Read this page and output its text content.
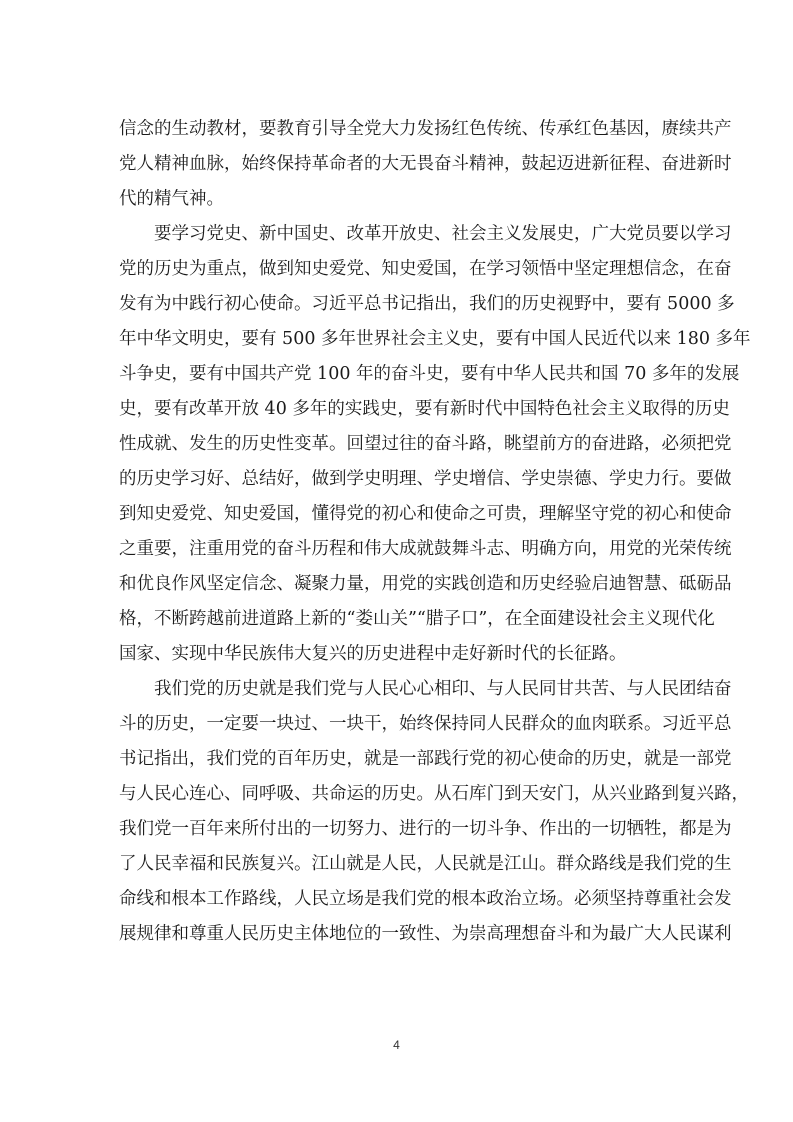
信念的生动教材，要教育引导全党大力发扬红色传统、传承红色基因，赓续共产
党人精神血脉，始终保持革命者的大无畏奋斗精神，鼓起迈进新征程、奋进新时
代的精气神。
要学习党史、新中国史、改革开放史、社会主义发展史，广大党员要以学习
党的历史为重点，做到知史爱党、知史爱国，在学习领悟中坚定理想信念，在奋
发有为中践行初心使命。习近平总书记指出，我们的历史视野中，要有 5000 多
年中华文明史，要有 500 多年世界社会主义史，要有中国人民近代以来 180 多年
斗争史，要有中国共产党 100 年的奋斗史，要有中华人民共和国 70 多年的发展
史，要有改革开放 40 多年的实践史，要有新时代中国特色社会主义取得的历史
性成就、发生的历史性变革。回望过往的奋斗路，眺望前方的奋进路，必须把党
的历史学习好、总结好，做到学史明理、学史增信、学史崇德、学史力行。要做
到知史爱党、知史爱国，懂得党的初心和使命之可贵，理解坚守党的初心和使命
之重要，注重用党的奋斗历程和伟大成就鼓舞斗志、明确方向，用党的光荣传统
和优良作风坚定信念、凝聚力量，用党的实践创造和历史经验启迪智慧、砥砺品
格，不断跨越前进道路上新的“娄山关”“腊子口”，在全面建设社会主义现代化
国家、实现中华民族伟大复兴的历史进程中走好新时代的长征路。
我们党的历史就是我们党与人民心心相印、与人民同甘共苦、与人民团结奋
斗的历史，一定要一块过、一块干，始终保持同人民群众的血肉联系。习近平总
书记指出，我们党的百年历史，就是一部践行党的初心使命的历史，就是一部党
与人民心连心、同呼吸、共命运的历史。从石库门到天安门，从兴业路到复兴路，
我们党一百年来所付出的一切努力、进行的一切斗争、作出的一切牺牲，都是为
了人民幸福和民族复兴。江山就是人民，人民就是江山。群众路线是我们党的生
命线和根本工作路线，人民立场是我们党的根本政治立场。必须坚持尊重社会发
展规律和尊重人民历史主体地位的一致性、为崇高理想奋斗和为最广大人民谋利
4
